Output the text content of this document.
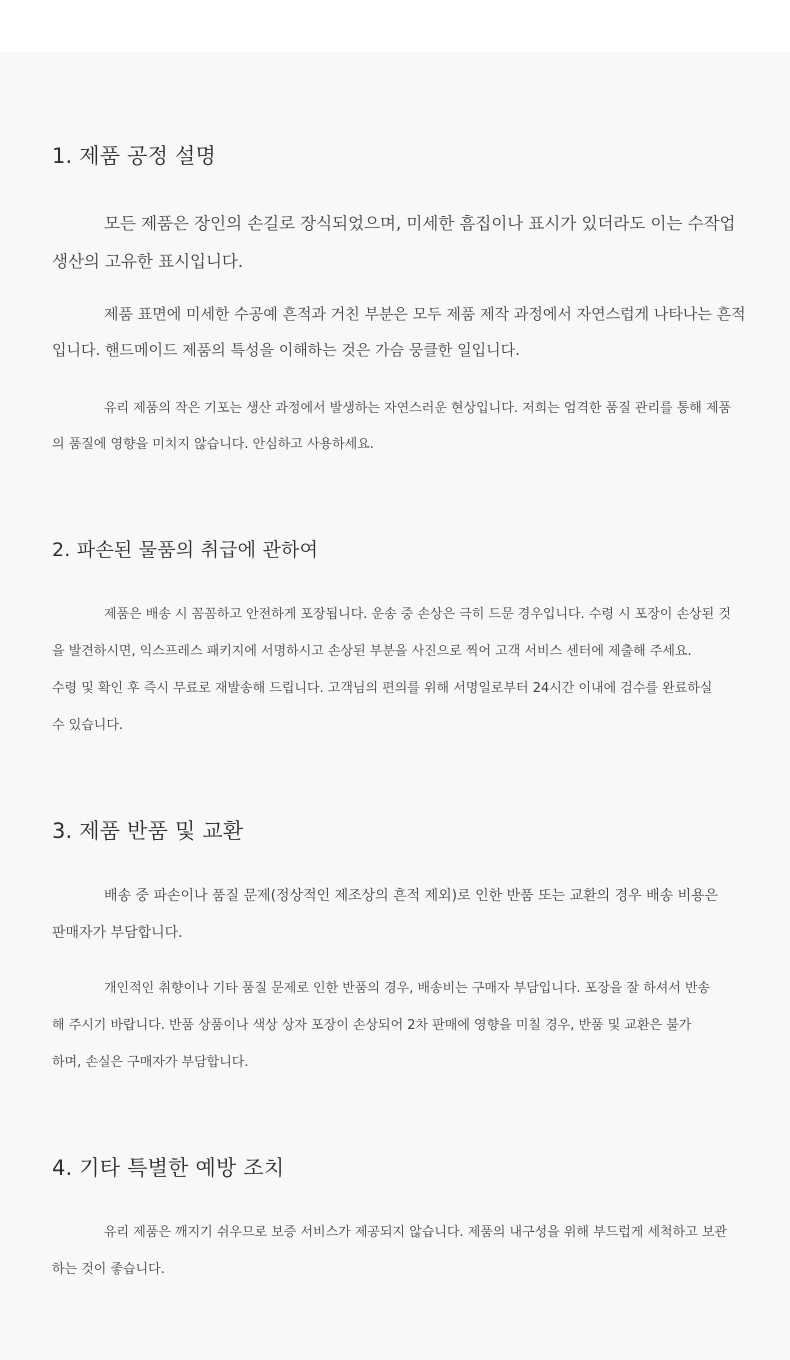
1. 제품 공정 설명

모든 제품은 장인의 손길로 장식되었으며, 미세한 흠집이나 표시가 있더라도 이는 수작업
생산의 고유한 표시입니다.

제품 표면에 미세한 수공예 흔적과 거친 부분은 모두 제품 제작 과정에서 자연스럽게 나타나는 흔적
입니다. 핸드메이드 제품의 특성을 이해하는 것은 가슴 뭉클한 일입니다.

유리 제품의 작은 기포는 생산 과정에서 발생하는 자연스러운 현상입니다. 저희는 엄격한 품질 관리를 통해 제품
의 품질에 영향을 미치지 않습니다. 안심하고 사용하세요.

2. 파손된 물품의 취급에 관하여

제품은 배송 시 꼼꼼하고 안전하게 포장됩니다. 운송 중 손상은 극히 드문 경우입니다. 수령 시 포장이 손상된 것
을 발견하시면, 익스프레스 패키지에 서명하시고 손상된 부분을 사진으로 찍어 고객 서비스 센터에 제출해 주세요.
수령 및 확인 후 즉시 무료로 재발송해 드립니다. 고객님의 편의를 위해 서명일로부터 24시간 이내에 검수를 완료하실
수 있습니다.

3. 제품 반품 및 교환

배송 중 파손이나 품질 문제(정상적인 제조상의 흔적 제외)로 인한 반품 또는 교환의 경우 배송 비용은
판매자가 부담합니다.

개인적인 취향이나 기타 품질 문제로 인한 반품의 경우, 배송비는 구매자 부담입니다. 포장을 잘 하셔서 반송
해 주시기 바랍니다. 반품 상품이나 색상 상자 포장이 손상되어 2차 판매에 영향을 미칠 경우, 반품 및 교환은 불가
하며, 손실은 구매자가 부담합니다.

4. 기타 특별한 예방 조치

유리 제품은 깨지기 쉬우므로 보증 서비스가 제공되지 않습니다. 제품의 내구성을 위해 부드럽게 세척하고 보관
하는 것이 좋습니다.
